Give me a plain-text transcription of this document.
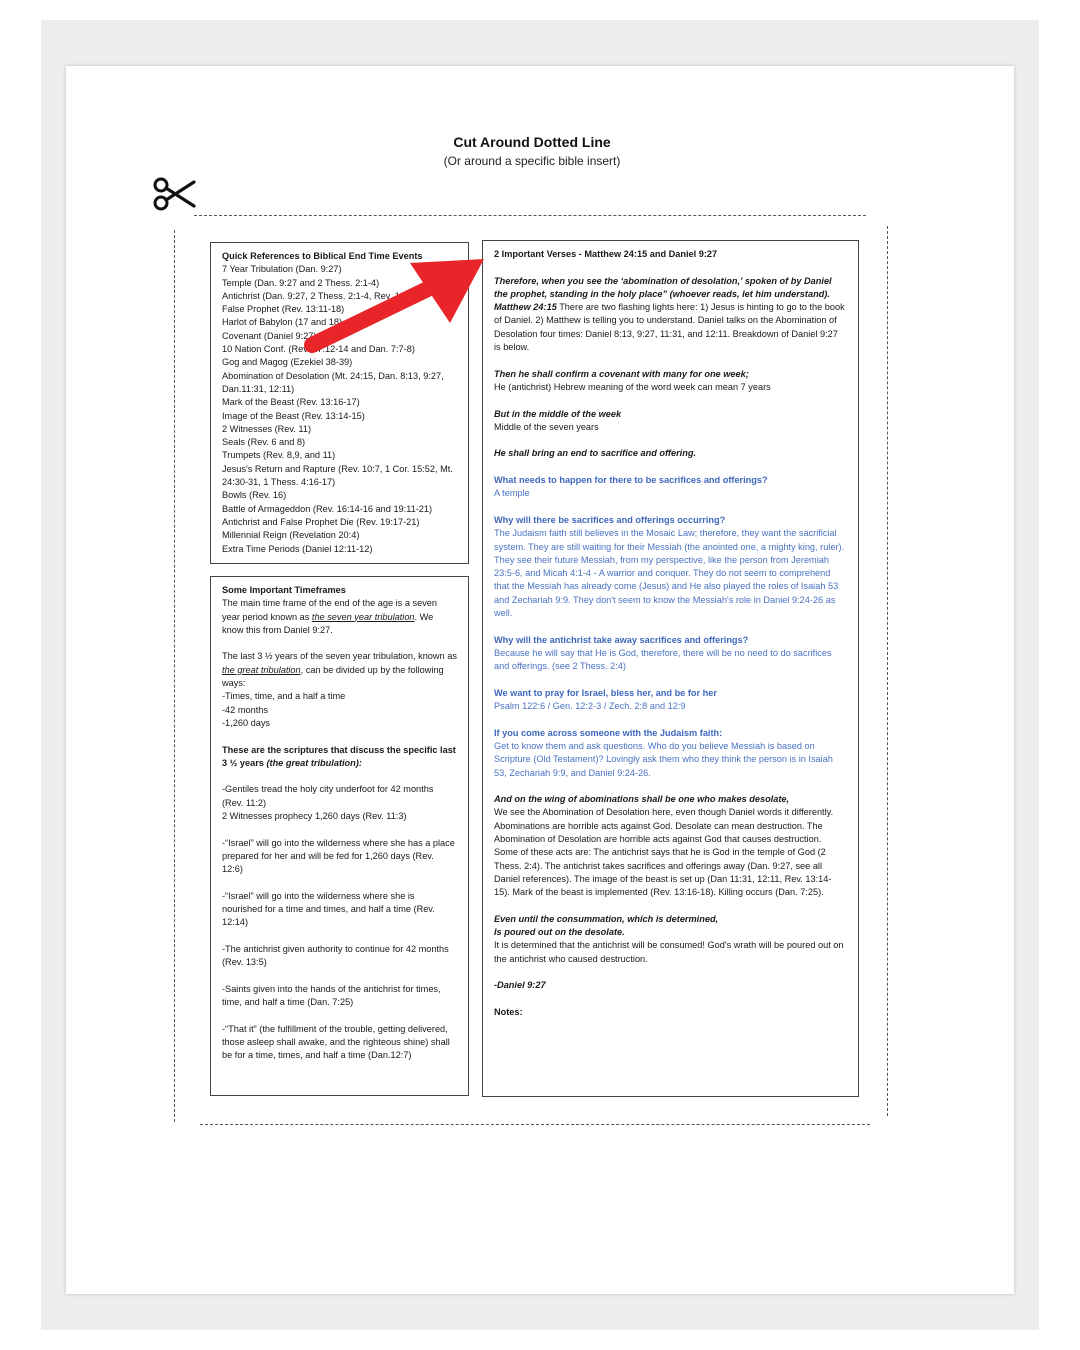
Cut Around Dotted Line
(Or around a specific bible insert)
Quick References to Biblical End Time Events

7 Year Tribulation (Dan. 9:27)

Temple (Dan. 9:27 and 2 Thess. 2:1-4)

Antichrist (Dan. 9:27, 2 Thess. 2:1-4, Rev. 13)

False Prophet (Rev. 13:11-18)

Harlot of Babylon (17 and 18)

Covenant (Daniel 9:27)

10 Nation Conf. (Rev. 17:12-14 and Dan. 7:7-8)

Gog and Magog (Ezekiel 38-39)

Abomination of Desolation (Mt. 24:15, Dan. 8:13, 9:27, Dan.11:31, 12:11)

Mark of the Beast (Rev. 13:16-17)

Image of the Beast (Rev. 13:14-15)

2 Witnesses (Rev. 11)

Seals (Rev. 6 and 8)

Trumpets (Rev. 8,9, and 11)

Jesus's Return and Rapture (Rev. 10:7, 1 Cor. 15:52, Mt. 24:30-31, 1 Thess. 4:16-17)

Bowls (Rev. 16)

Battle of Armageddon (Rev. 16:14-16 and 19:11-21)

Antichrist and False Prophet Die (Rev. 19:17-21)

Millennial Reign (Revelation 20:4)

Extra Time Periods (Daniel 12:11-12)

Some Important Timeframes

The main time frame of the end of the age is a seven year period known as the seven year tribulation. We know this from Daniel 9:27.

The last 3 ½ years of the seven year tribulation, known as the great tribulation, can be divided up by the following ways:

-Times, time, and a half a time

-42 months

-1,260 days

These are the scriptures that discuss the specific last 3 ½ years (the great tribulation):

-Gentiles tread the holy city underfoot for 42 months (Rev. 11:2)

2 Witnesses prophecy 1,260 days (Rev. 11:3)

-“Israel” will go into the wilderness where she has a place prepared for her and will be fed for 1,260 days (Rev. 12:6)

-“Israel” will go into the wilderness where she is nourished for a time and times, and half a time (Rev. 12:14)

-The antichrist given authority to continue for 42 months (Rev. 13:5)

-Saints given into the hands of the antichrist for times, time, and half a time (Dan. 7:25)

-“That it” (the fulfillment of the trouble, getting delivered, those asleep shall awake, and the righteous shine) shall be for a time, times, and half a time (Dan.12:7)

2 Important Verses - Matthew 24:15 and Daniel 9:27

Therefore, when you see the ‘abomination of desolation,’ spoken of by Daniel the prophet, standing in the holy place” (whoever reads, let him understand). Matthew 24:15 There are two flashing lights here: 1) Jesus is hinting to go to the book of Daniel. 2) Matthew is telling you to understand. Daniel talks on the Abomination of Desolation four times: Daniel 8:13, 9:27, 11:31, and 12:11. Breakdown of Daniel 9:27 is below.

Then he shall confirm a covenant with many for one week;

He (antichrist) Hebrew meaning of the word week can mean 7 years

But in the middle of the week

Middle of the seven years

He shall bring an end to sacrifice and offering.

What needs to happen for there to be sacrifices and offerings?

A temple

Why will there be sacrifices and offerings occurring?

The Judaism faith still believes in the Mosaic Law; therefore, they want the sacrificial system. They are still waiting for their Messiah (the anointed one, a mighty king, ruler). They see their future Messiah, from my perspective, like the person from Jeremiah 23:5-6, and Micah 4:1-4 - A warrior and conquer. They do not seem to comprehend that the Messiah has already come (Jesus) and He also played the roles of Isaiah 53 and Zechariah 9:9. They don't seem to know the Messiah's role in Daniel 9:24-26 as well.

Why will the antichrist take away sacrifices and offerings?

Because he will say that He is God, therefore, there will be no need to do sacrifices and offerings. (see 2 Thess. 2:4)

We want to pray for Israel, bless her, and be for her

Psalm 122:6 / Gen. 12:2-3 / Zech. 2:8 and 12:9

If you come across someone with the Judaism faith:

Get to know them and ask questions. Who do you believe Messiah is based on Scripture (Old Testament)? Lovingly ask them who they think the person is in Isaiah 53, Zechariah 9:9, and Daniel 9:24-26.

And on the wing of abominations shall be one who makes desolate,

We see the Abomination of Desolation here, even though Daniel words it differently. Abominations are horrible acts against God. Desolate can mean destruction. The Abomination of Desolation are horrible acts against God that causes destruction. Some of these acts are: The antichrist says that he is God in the temple of God (2 Thess. 2:4). The antichrist takes sacrifices and offerings away (Dan. 9:27, see all Daniel references). The image of the beast is set up (Dan 11:31, 12:11, Rev. 13:14-15). Mark of the beast is implemented (Rev. 13:16-18). Killing occurs (Dan. 7:25).

Even until the consummation, which is determined,

Is poured out on the desolate.

It is determined that the antichrist will be consumed! God's wrath will be poured out on the antichrist who caused destruction.

-Daniel 9:27

Notes:
